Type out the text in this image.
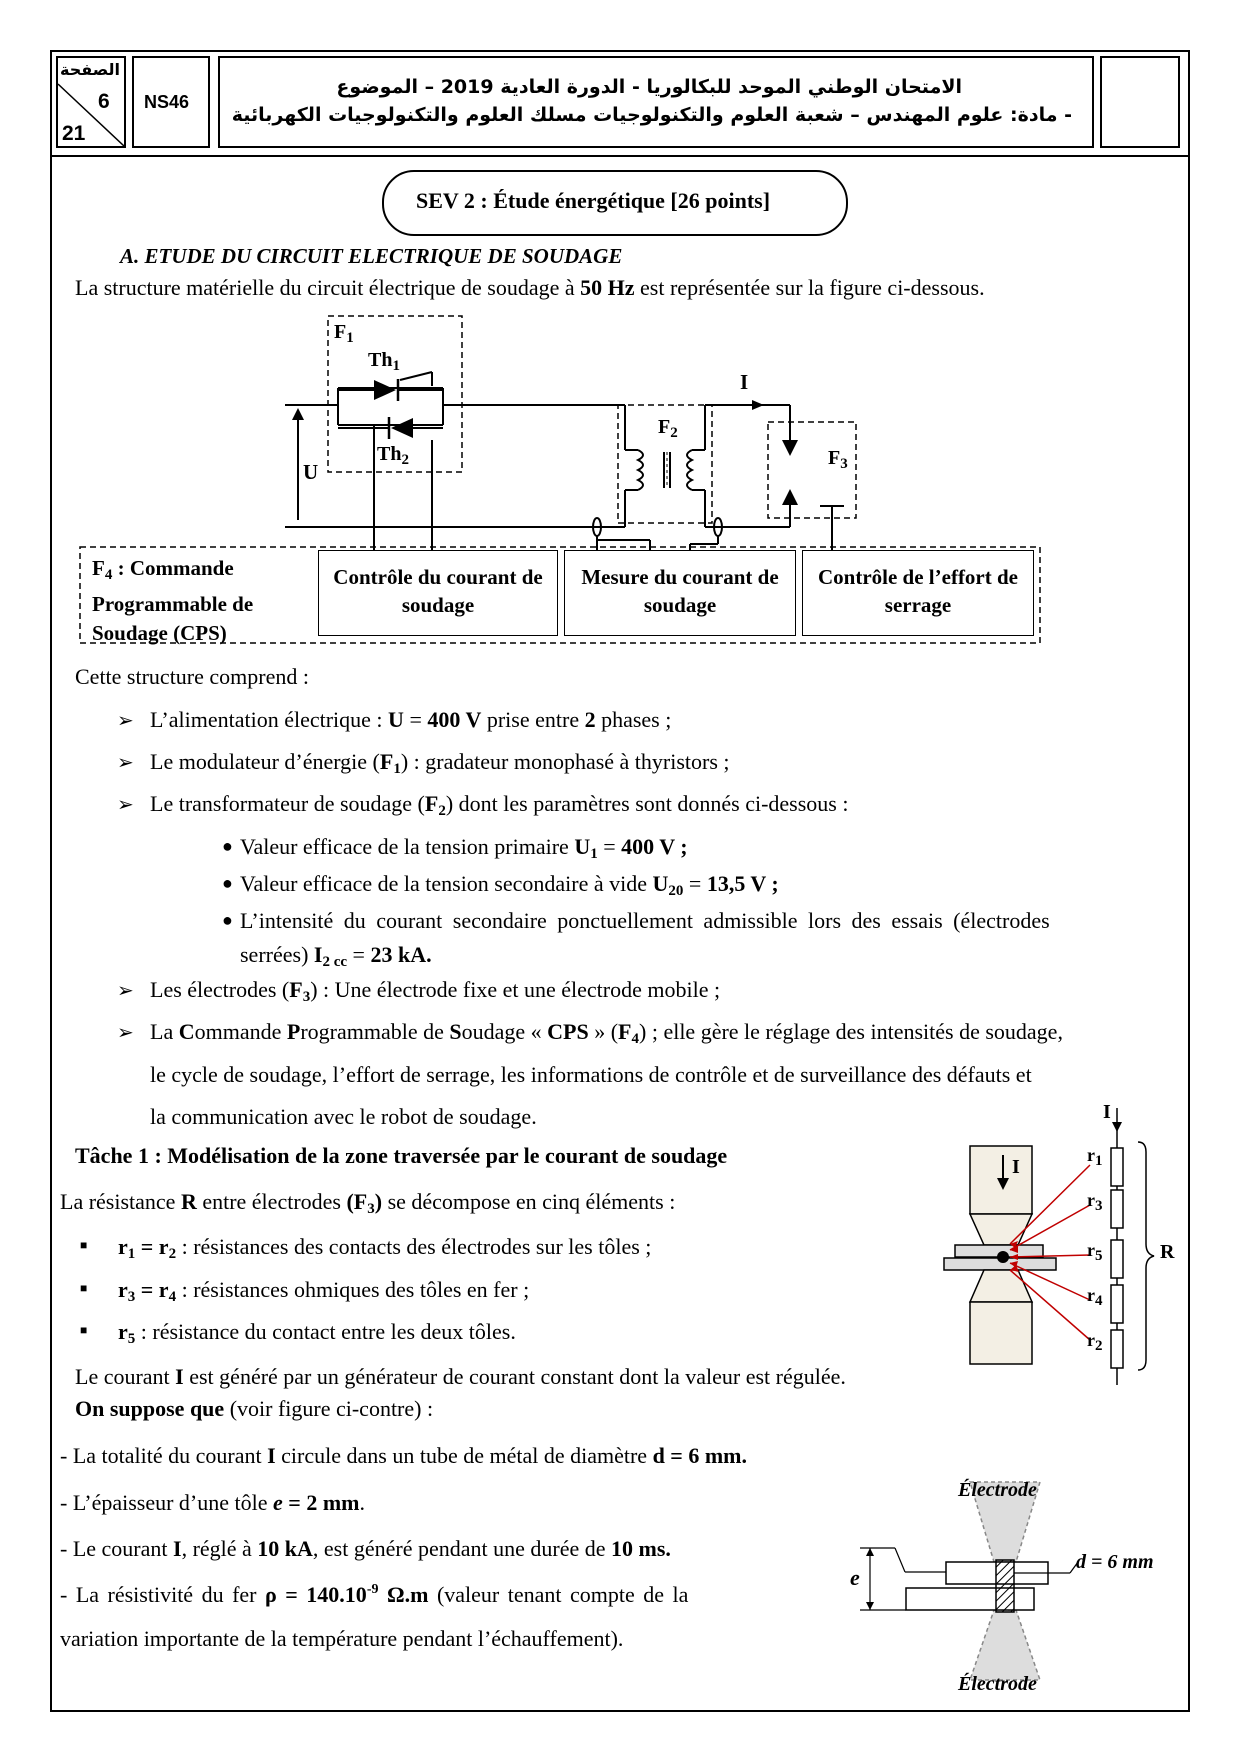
الصفحة
6
21
NS46
الامتحان الوطني الموحد للبكالوريا - الدورة العادية 2019 – الموضوع
- مادة: علوم المهندس – شعبة العلوم والتكنولوجيات مسلك العلوم والتكنولوجيات الكهربائية
SEV 2 : Étude énergétique [26 points]
A. ETUDE DU CIRCUIT ELECTRIQUE DE SOUDAGE
La structure matérielle du circuit électrique de soudage à 50 Hz est représentée sur la figure ci-dessous.
$F_1$
$Th_1$
$Th_2$
U
I
$F_2$
$F_3$
$F_4$ : Commande
Programmable de
Soudage (CPS)
Contrôle du courant de soudage
Mesure du courant de soudage
Contrôle de l’effort de serrage
Cette structure comprend :
➢ L’alimentation électrique : U = 400 V prise entre 2 phases ;
➢ Le modulateur d’énergie $(F_1)$ : gradateur monophasé à thyristors ;
➢ Le transformateur de soudage $(F_2)$ dont les paramètres sont donnés ci-dessous :
● Valeur efficace de la tension primaire $U_1 = 400$ V ;
● Valeur efficace de la tension secondaire à vide $U_{20} = 13,5$ V ;
● L’intensité du courant secondaire ponctuellement admissible lors des essais (électrodes
serrées) $I_{2 cc} = 23$ kA.
➢ Les électrodes $(F_3)$ : Une électrode fixe et une électrode mobile ;
➢ La Commande Programmable de Soudage « CPS » $(F_4)$ ; elle gère le réglage des intensités de soudage,
le cycle de soudage, l’effort de serrage, les informations de contrôle et de surveillance des défauts et
la communication avec le robot de soudage.
Tâche 1 : Modélisation de la zone traversée par le courant de soudage
La résistance R entre électrodes $(F_3)$ se décompose en cinq éléments :
■ $r_1 = r_2$ : résistances des contacts des électrodes sur les tôles ;
■ $r_3 = r_4$ : résistances ohmiques des tôles en fer ;
■ $r_5$ : résistance du contact entre les deux tôles.
Le courant I est généré par un générateur de courant constant dont la valeur est régulée.
On suppose que (voir figure ci-contre) :
- La totalité du courant I circule dans un tube de métal de diamètre d = 6 mm.
- L’épaisseur d’une tôle e = 2 mm.
- Le courant I, réglé à 10 kA, est généré pendant une durée de 10 ms.
- La résistivité du fer $\rho = 140.10^{-9}$ Ω.m (valeur tenant compte de la
variation importante de la température pendant l’échauffement).
I
I
$r_1$
$r_3$
$r_5$
$r_4$
$r_2$
R
Électrode
Électrode
e
d = 6 mm
